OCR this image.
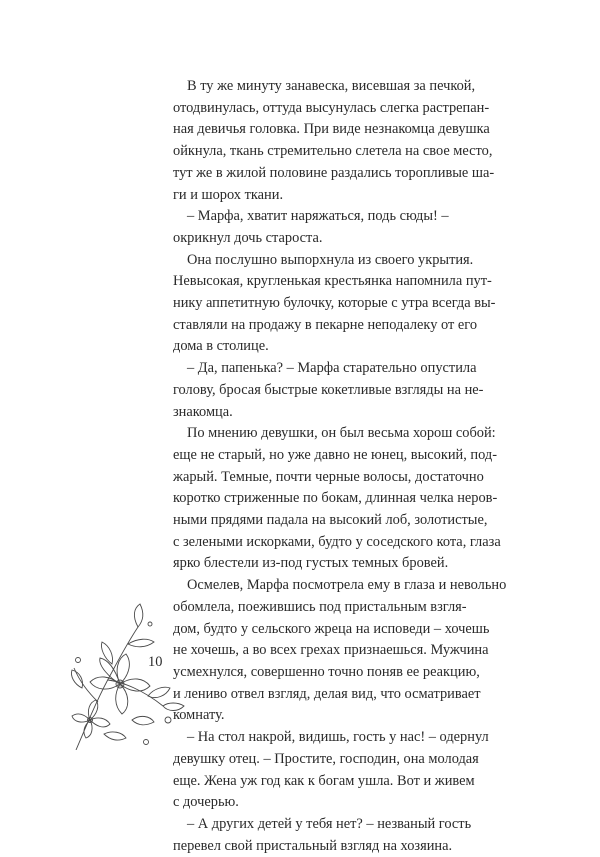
В ту же минуту занавеска, висевшая за печкой,
отодвинулась, оттуда высунулась слегка растрепан-
ная девичья головка. При виде незнакомца девушка
ойкнула, ткань стремительно слетела на свое место,
тут же в жилой половине раздались торопливые ша-
ги и шорох ткани.

– Марфа, хватит наряжаться, подь сюды! –
окрикнул дочь староста.

Она послушно выпорхнула из своего укрытия.
Невысокая, кругленькая крестьянка напомнила пут-
нику аппетитную булочку, которые с утра всегда вы-
ставляли на продажу в пекарне неподалеку от его
дома в столице.

– Да, папенька? – Марфа старательно опустила
голову, бросая быстрые кокетливые взгляды на не-
знакомца.

По мнению девушки, он был весьма хорош собой:
еще не старый, но уже давно не юнец, высокий, под-
жарый. Темные, почти черные волосы, достаточно
коротко стриженные по бокам, длинная челка неров-
ными прядями падала на высокий лоб, золотистые,
с зелеными искорками, будто у соседского кота, глаза
ярко блестели из-под густых темных бровей.

Осмелев, Марфа посмотрела ему в глаза и невольно
обомлела, поежившись под пристальным взгля-
дом, будто у сельского жреца на исповеди – хочешь
не хочешь, а во всех грехах признаешься. Мужчина
усмехнулся, совершенно точно поняв ее реакцию,
и лениво отвел взгляд, делая вид, что осматривает
комнату.

– На стол накрой, видишь, гость у нас! – одернул
девушку отец. – Простите, господин, она молодая
еще. Жена уж год как к богам ушла. Вот и живем
с дочерью.

– А других детей у тебя нет? – незваный гость
перевел свой пристальный взгляд на хозяина.

10
